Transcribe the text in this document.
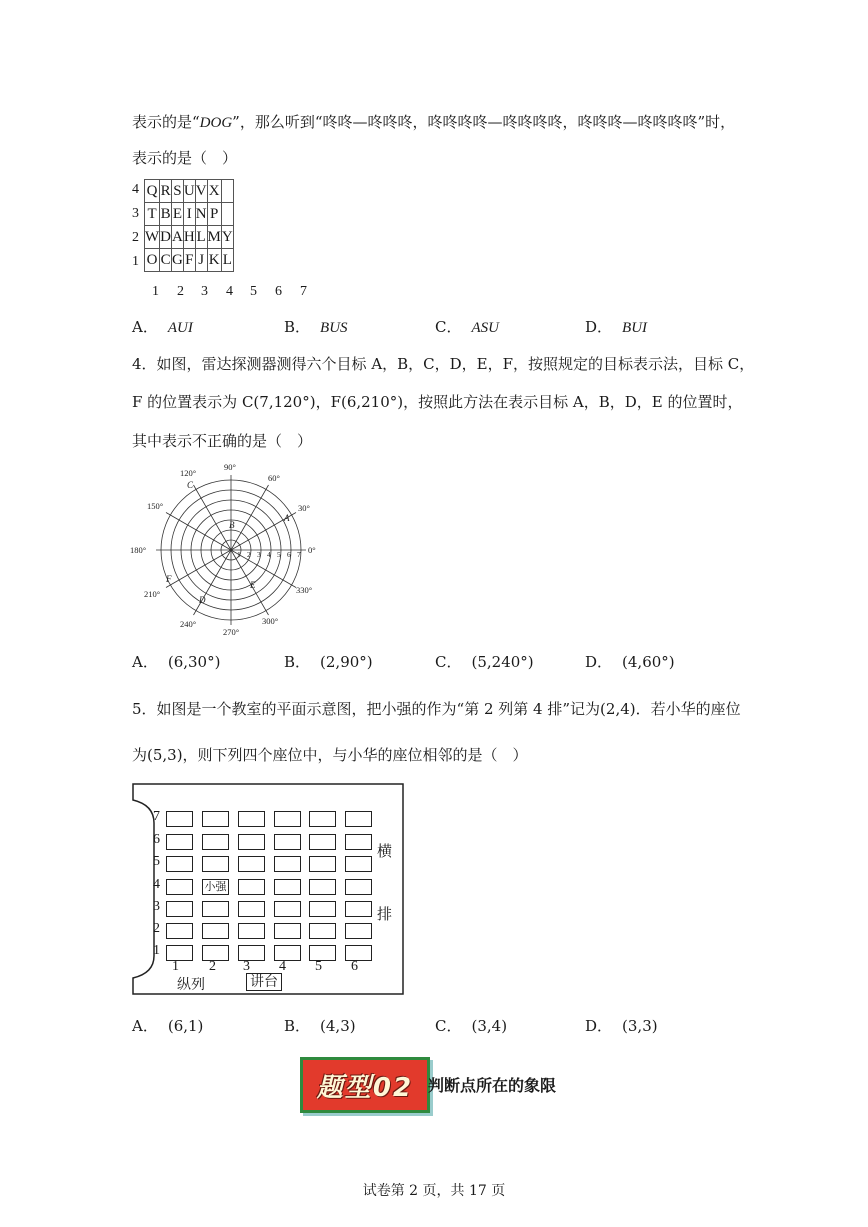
表示的是“DOG”，那么听到“咚咚—咚咚咚，咚咚咚咚—咚咚咚咚，咚咚咚—咚咚咚咚”时，
表示的是（　）
4
3
2
1
Q	R	S	U	V	X	
T	B	E	I	N	P	
W	D	A	H	L	M	Y
O	C	G	F	J	K	L
1 2 3 4 5 6 7
A． AUI	B． BUS	C． ASU	D． BUI
4．如图，雷达探测器测得六个目标 A，B，C，D，E，F，按照规定的目标表示法，目标 C，
F 的位置表示为 C(7,120°)，F(6,210°)，按照此方法在表示目标 A，B，D，E 的位置时，
其中表示不正确的是（　）
90°
60°
30°
0°
330°
300°
270°
240°
210°
180°
150°
120°
1 2 3 4 5 6 7
A
B
C
D
E
F
A． (6,30°)	B． (2,90°)	C． (5,240°)	D． (4,60°)
5．如图是一个教室的平面示意图，把小强的作为“第 2 列第 4 排”记为(2,4)．若小华的座位
为(5,3)，则下列四个座位中，与小华的座位相邻的是（　）
7
6
5
4
3
2
1
小强
1 2 3 4 5 6
横
排
纵列	讲台
A． (6,1)	B． (4,3)	C． (3,4)	D． (3,3)
题型02 判断点所在的象限
试卷第 2 页，共 17 页
